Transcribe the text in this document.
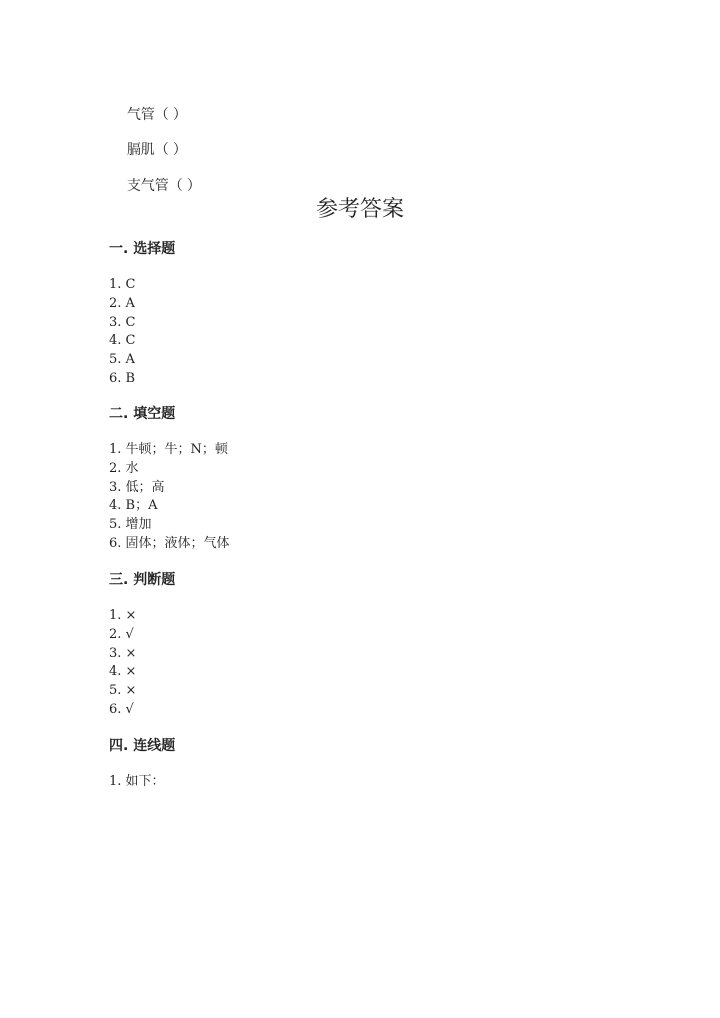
气管（ ）

膈肌（ ）

支气管（ ）

参考答案
一. 选择题
1. C
2. A
3. C
4. C
5. A
6. B
二. 填空题
1. 牛顿；牛；N；顿
2. 水
3. 低；高
4. B；A
5. 增加
6. 固体；液体；气体
三. 判断题
1. ×
2. √
3. ×
4. ×
5. ×
6. √
四. 连线题
1. 如下：
